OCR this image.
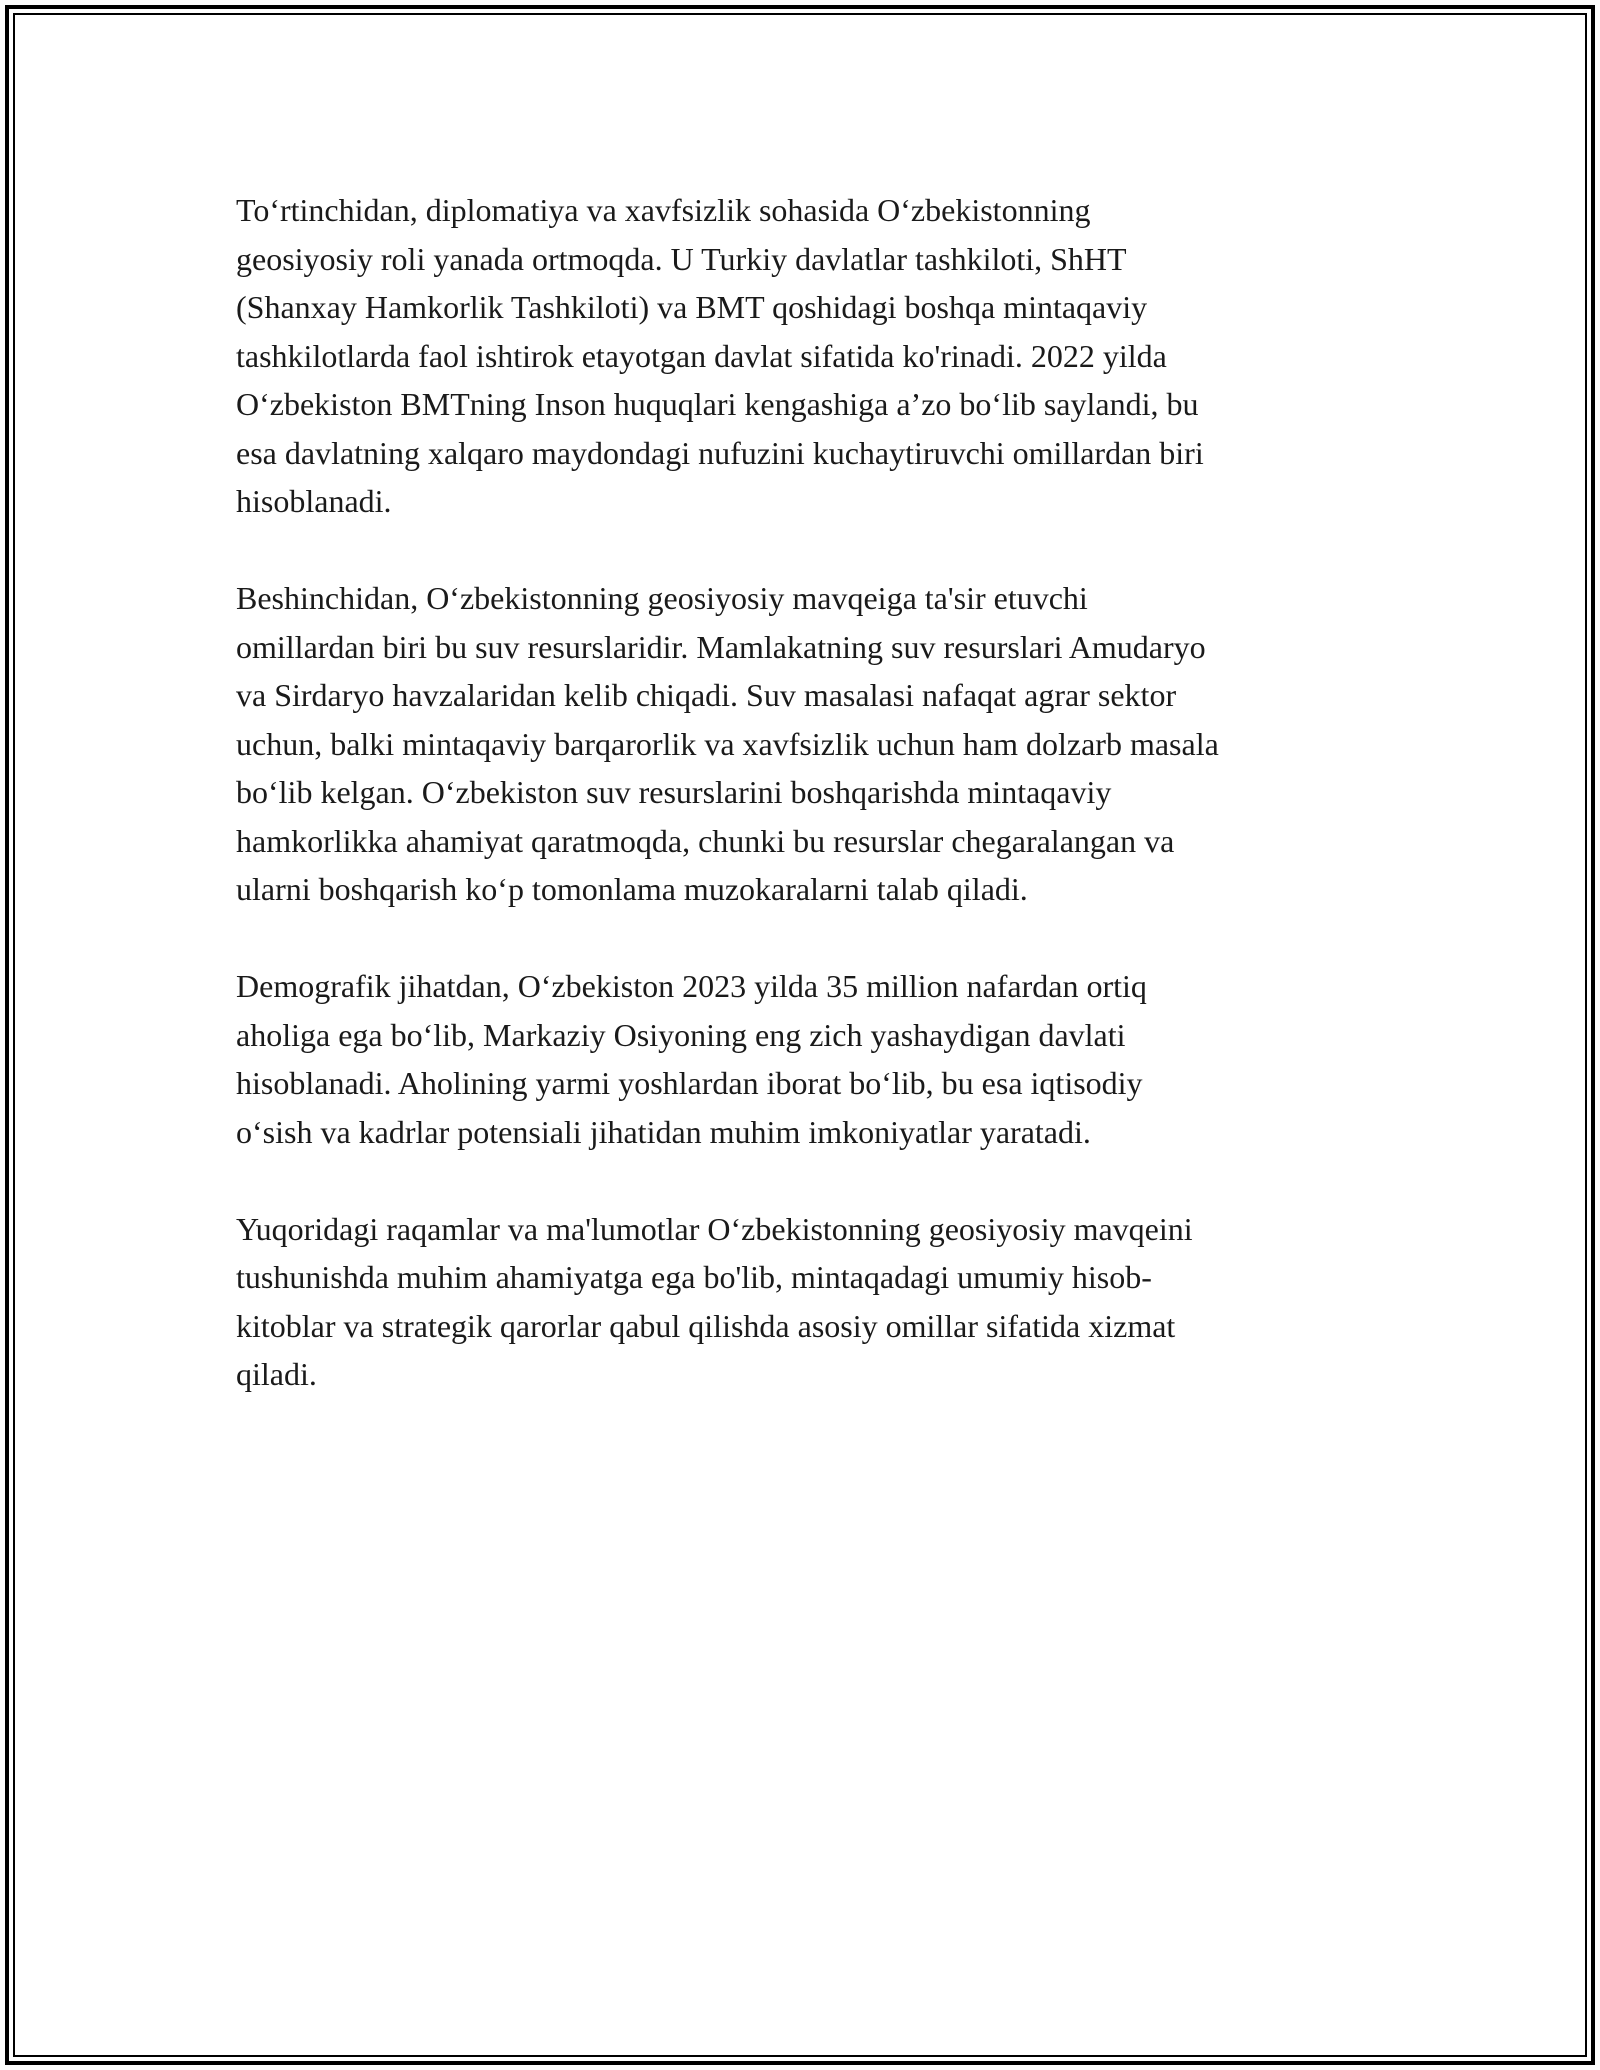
To‘rtinchidan, diplomatiya va xavfsizlik sohasida O‘zbekistonning
geosiyosiy roli yanada ortmoqda. U Turkiy davlatlar tashkiloti, ShHT
(Shanxay Hamkorlik Tashkiloti) va BMT qoshidagi boshqa mintaqaviy
tashkilotlarda faol ishtirok etayotgan davlat sifatida ko'rinadi. 2022 yilda
O‘zbekiston BMTning Inson huquqlari kengashiga a’zo bo‘lib saylandi, bu
esa davlatning xalqaro maydondagi nufuzini kuchaytiruvchi omillardan biri
hisoblanadi.

Beshinchidan, O‘zbekistonning geosiyosiy mavqeiga ta'sir etuvchi
omillardan biri bu suv resurslaridir. Mamlakatning suv resurslari Amudaryo
va Sirdaryo havzalaridan kelib chiqadi. Suv masalasi nafaqat agrar sektor
uchun, balki mintaqaviy barqarorlik va xavfsizlik uchun ham dolzarb masala
bo‘lib kelgan. O‘zbekiston suv resurslarini boshqarishda mintaqaviy
hamkorlikka ahamiyat qaratmoqda, chunki bu resurslar chegaralangan va
ularni boshqarish ko‘p tomonlama muzokaralarni talab qiladi.

Demografik jihatdan, O‘zbekiston 2023 yilda 35 million nafardan ortiq
aholiga ega bo‘lib, Markaziy Osiyoning eng zich yashaydigan davlati
hisoblanadi. Aholining yarmi yoshlardan iborat bo‘lib, bu esa iqtisodiy
o‘sish va kadrlar potensiali jihatidan muhim imkoniyatlar yaratadi.

Yuqoridagi raqamlar va ma'lumotlar O‘zbekistonning geosiyosiy mavqeini
tushunishda muhim ahamiyatga ega bo'lib, mintaqadagi umumiy hisob-
kitoblar va strategik qarorlar qabul qilishda asosiy omillar sifatida xizmat
qiladi.
